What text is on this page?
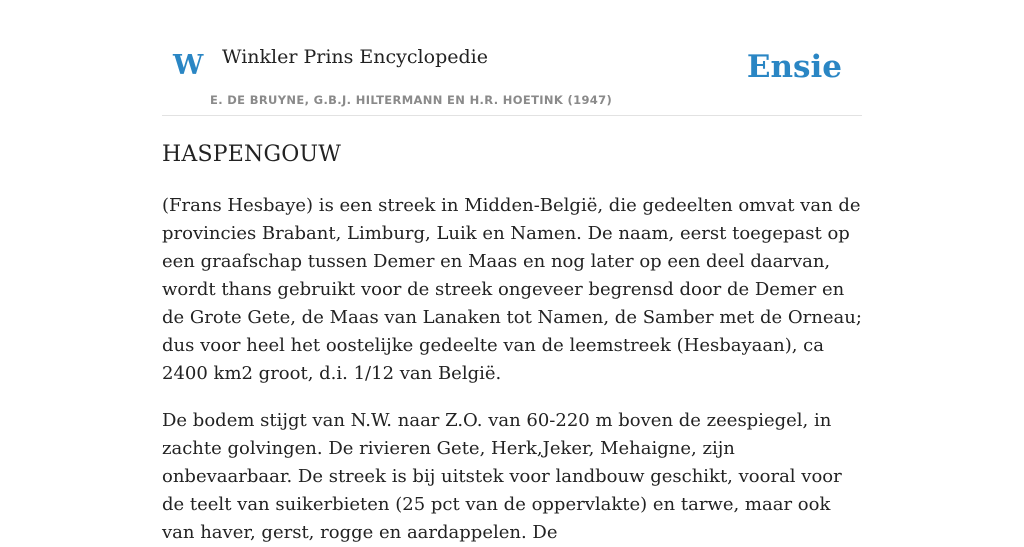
W Winkler Prins Encyclopedie
E. DE BRUYNE, G.B.J. HILTERMANN EN H.R. HOETINK (1947)
Ensie
HASPENGOUW

(Frans Hesbaye) is een streek in Midden-België, die gedeelten omvat van de provincies Brabant, Limburg, Luik en Namen. De naam, eerst toegepast op een graafschap tussen Demer en Maas en nog later op een deel daarvan, wordt thans gebruikt voor de streek ongeveer begrensd door de Demer en de Grote Gete, de Maas van Lanaken tot Namen, de Samber met de Orneau; dus voor heel het oostelijke gedeelte van de leemstreek (Hesbayaan), ca 2400 km2 groot, d.i. 1/12 van België.

De bodem stijgt van N.W. naar Z.O. van 60-220 m boven de zeespiegel, in zachte golvingen. De rivieren Gete, Herk,Jeker, Mehaigne, zijn onbevaarbaar. De streek is bij uitstek voor landbouw geschikt, vooral voor de teelt van suikerbieten (25 pct van de oppervlakte) en tarwe, maar ook van haver, gerst, rogge en aardappelen. De
